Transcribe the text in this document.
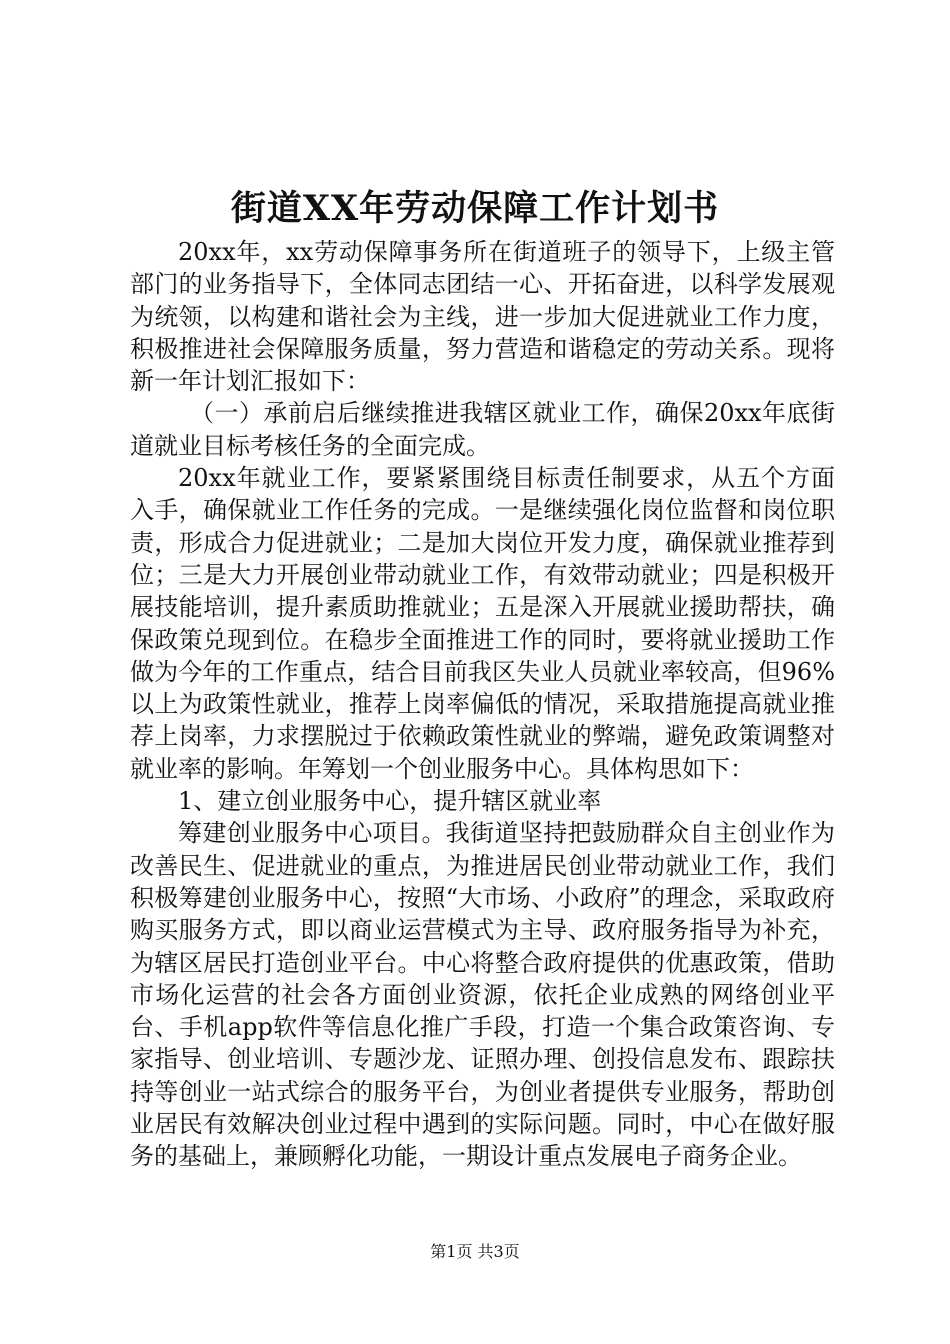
街道XX年劳动保障工作计划书

20xx年，xx劳动保障事务所在街道班子的领导下，上级主管部门的业务指导下，全体同志团结一心、开拓奋进，以科学发展观为统领，以构建和谐社会为主线，进一步加大促进就业工作力度，积极推进社会保障服务质量，努力营造和谐稳定的劳动关系。现将新一年计划汇报如下：

（一）承前启后继续推进我辖区就业工作，确保20xx年底街道就业目标考核任务的全面完成。

20xx年就业工作，要紧紧围绕目标责任制要求，从五个方面入手，确保就业工作任务的完成。一是继续强化岗位监督和岗位职责，形成合力促进就业；二是加大岗位开发力度，确保就业推荐到位；三是大力开展创业带动就业工作，有效带动就业；四是积极开展技能培训，提升素质助推就业；五是深入开展就业援助帮扶，确保政策兑现到位。在稳步全面推进工作的同时，要将就业援助工作做为今年的工作重点，结合目前我区失业人员就业率较高，但96%以上为政策性就业，推荐上岗率偏低的情况，采取措施提高就业推荐上岗率，力求摆脱过于依赖政策性就业的弊端，避免政策调整对就业率的影响。年筹划一个创业服务中心。具体构思如下：

1、建立创业服务中心，提升辖区就业率

筹建创业服务中心项目。我街道坚持把鼓励群众自主创业作为改善民生、促进就业的重点，为推进居民创业带动就业工作，我们积极筹建创业服务中心，按照“大市场、小政府”的理念，采取政府购买服务方式，即以商业运营模式为主导、政府服务指导为补充，为辖区居民打造创业平台。中心将整合政府提供的优惠政策，借助市场化运营的社会各方面创业资源，依托企业成熟的网络创业平台、手机app软件等信息化推广手段，打造一个集合政策咨询、专家指导、创业培训、专题沙龙、证照办理、创投信息发布、跟踪扶持等创业一站式综合的服务平台，为创业者提供专业服务，帮助创业居民有效解决创业过程中遇到的实际问题。同时，中心在做好服务的基础上，兼顾孵化功能，一期设计重点发展电子商务企业。

第1页 共3页
